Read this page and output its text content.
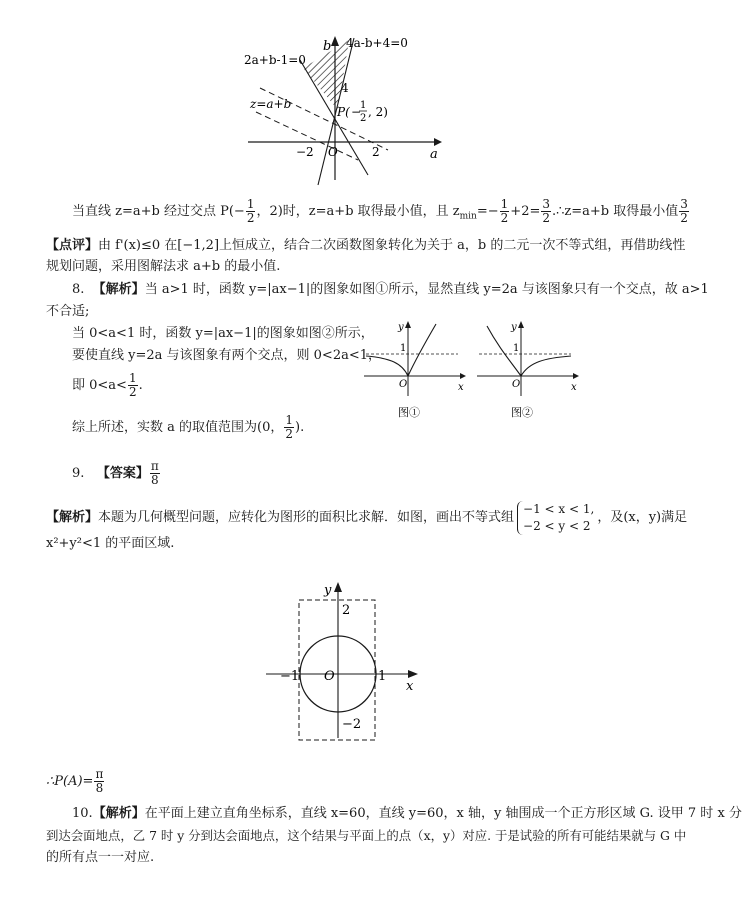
b
a
4a-b+4=0
2a+b-1=0
z=a+b
4
−2	2
O
P( −
1
2 , 2)
当直线 z=a+b 经过交点 $P(- \frac{1}{2}$ ，2)时，z=a+b 取得最小值，且 $z_{min}=- \frac{1}{2} +2= \frac{3}{2}$ .∴z=a+b 取得最小值 $\frac{3}{2}$
【点评】由 f'(x)≤0 在[−1,2]上恒成立，结合二次函数图象转化为关于 a，b 的二元一次不等式组，再借助线性
规划问题，采用图解法求 a+b 的最小值.
8. 【解析】当 a>1 时，函数 y=|ax−1|的图象如图①所示，显然直线 y=2a 与该图象只有一个交点，故 a>1
不合适;
当 0<a<1 时，函数 y=|ax−1|的图象如图②所示，
要使直线 y=2a 与该图象有两个交点，则 0<2a<1，
即 $0<a< \frac{1}{2}$ .
综上所述，实数 a 的取值范围为(0， $\frac{1}{2}$ ).
y
x
1
O
图①
y
x
1
O
图②
9. 【答案】 $\frac{\pi}{8}$
【解析】本题为几何概型问题，应转化为图形的面积比求解．如图，画出不等式组
−1 < x < 1,
−2 < y < 2
，及(x，y)满足
x²+y²<1 的平面区域.
y
x
2
−2
−1	1
O
∴P(A)= $\frac{\pi}{8}$
10.【解析】在平面上建立直角坐标系，直线 x=60，直线 y=60，x 轴，y 轴围成一个正方形区域 G. 设甲 7 时 x 分
到达会面地点，乙 7 时 y 分到达会面地点，这个结果与平面上的点（x，y）对应. 于是试验的所有可能结果就与 G 中
的所有点一一对应.
